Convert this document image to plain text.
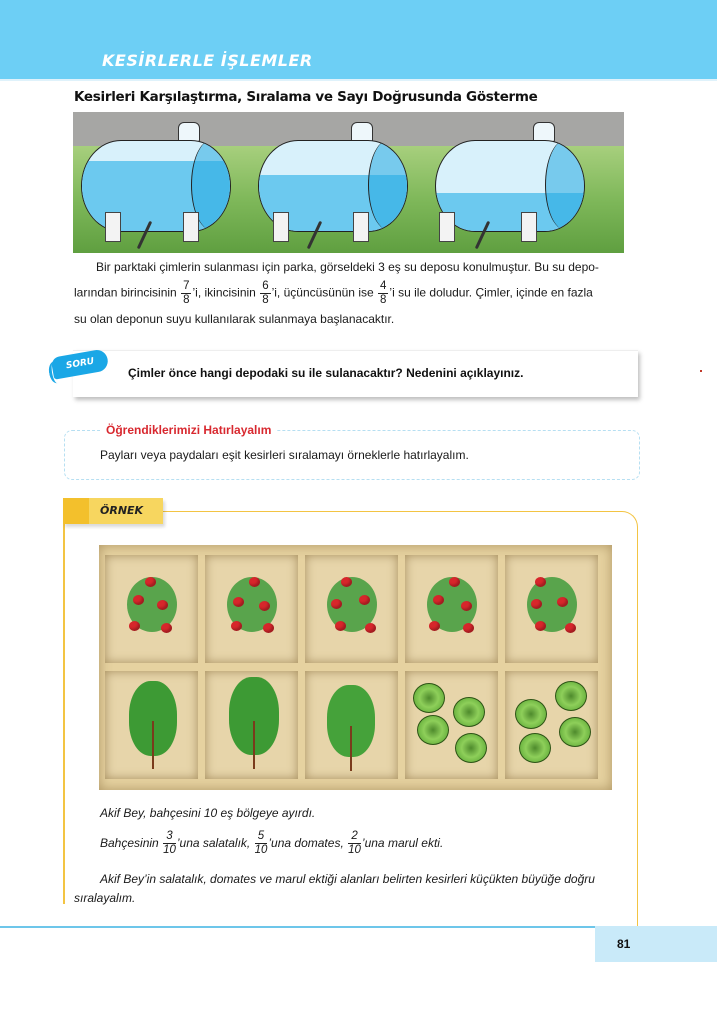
KESİRLERLE İŞLEMLER
Kesirleri Karşılaştırma, Sıralama ve Sayı Doğrusunda Gösterme
Bir parktaki çimlerin sulanması için parka, görseldeki 3 eş su deposu konulmuştur. Bu su depo-
larından birincisinin $\frac{7}{8}$ ’i, ikincisinin $\frac{6}{8}$ ’i, üçüncüsünün ise $\frac{4}{8}$ ’i su ile doludur. Çimler, içinde en fazla
su olan deponun suyu kullanılarak sulanmaya başlanacaktır.
Çimler önce hangi depodaki su ile sulanacaktır? Nedenini açıklayınız.
SORU
Öğrendiklerimizi Hatırlayalım
Payları veya paydaları eşit kesirleri sıralamayı örneklerle hatırlayalım.
ÖRNEK
Akif Bey, bahçesini 10 eş bölgeye ayırdı.
Bahçesinin $\frac{3}{10}$ ’una salatalık, $\frac{5}{10}$ ’una domates, $\frac{2}{10}$ ’una marul ekti.
Akif Bey’in salatalık, domates ve marul ektiği alanları belirten kesirleri küçükten büyüğe doğru
sıralayalım.
81
